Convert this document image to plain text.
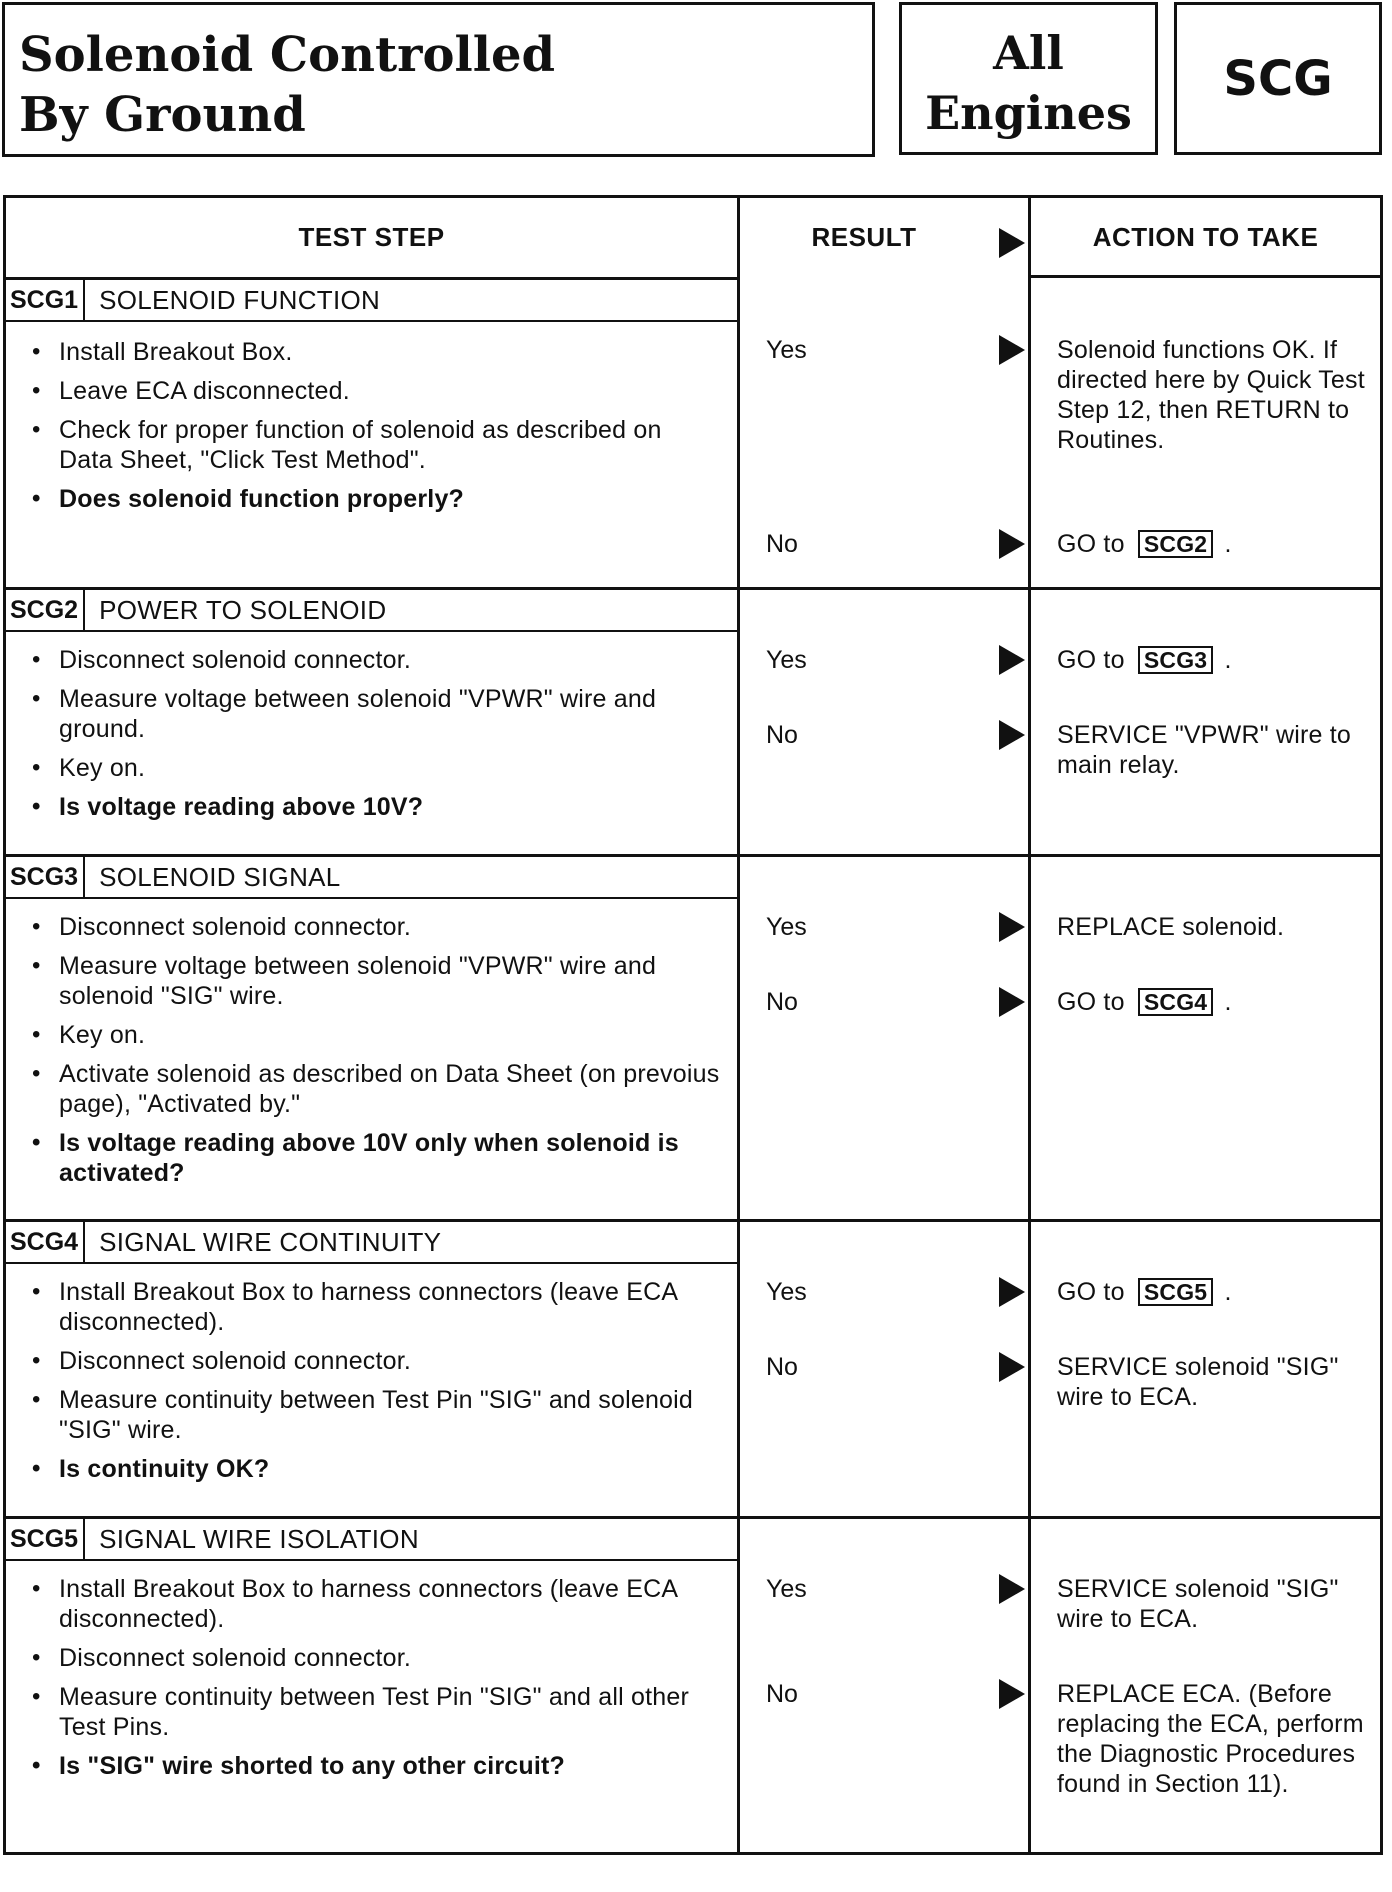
Solenoid Controlled
By Ground
All
Engines
SCG
TEST STEP	RESULT	ACTION TO TAKE
SCG1 SOLENOID FUNCTION
• Install Breakout Box.
• Leave ECA disconnected.
• Check for proper function of solenoid as described on Data Sheet, "Click Test Method".
• Does solenoid function properly?
Yes	Solenoid functions OK. If directed here by Quick Test Step 12, then RETURN to Routines.
No	GO to SCG2 .
SCG2 POWER TO SOLENOID
• Disconnect solenoid connector.
• Measure voltage between solenoid "VPWR" wire and ground.
• Key on.
• Is voltage reading above 10V?
Yes	GO to SCG3 .
No	SERVICE "VPWR" wire to main relay.
SCG3 SOLENOID SIGNAL
• Disconnect solenoid connector.
• Measure voltage between solenoid "VPWR" wire and solenoid "SIG" wire.
• Key on.
• Activate solenoid as described on Data Sheet (on prevoius page), "Activated by."
• Is voltage reading above 10V only when solenoid is activated?
Yes	REPLACE solenoid.
No	GO to SCG4 .
SCG4 SIGNAL WIRE CONTINUITY
• Install Breakout Box to harness connectors (leave ECA disconnected).
• Disconnect solenoid connector.
• Measure continuity between Test Pin "SIG" and solenoid "SIG" wire.
• Is continuity OK?
Yes	GO to SCG5 .
No	SERVICE solenoid "SIG" wire to ECA.
SCG5 SIGNAL WIRE ISOLATION
• Install Breakout Box to harness connectors (leave ECA disconnected).
• Disconnect solenoid connector.
• Measure continuity between Test Pin "SIG" and all other Test Pins.
• Is "SIG" wire shorted to any other circuit?
Yes	SERVICE solenoid "SIG" wire to ECA.
No	REPLACE ECA. (Before replacing the ECA, perform the Diagnostic Procedures found in Section 11).
